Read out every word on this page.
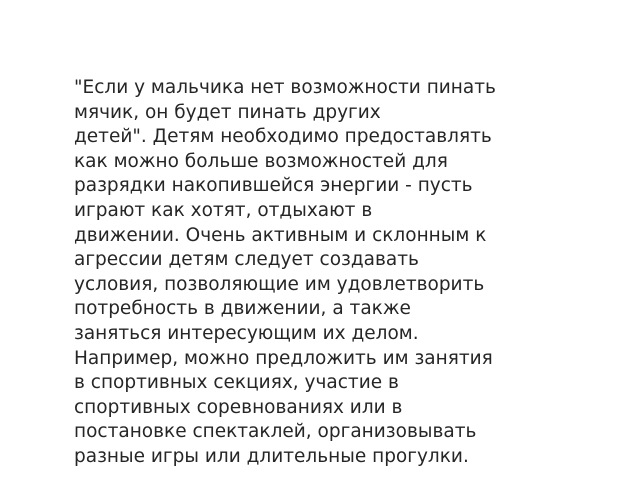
"Если у мальчика нет возможности пинать
мячик, он будет пинать других
детей". Детям необходимо предоставлять
как можно больше возможностей для
разрядки накопившейся энергии - пусть
играют как хотят, отдыхают в
движении. Очень активным и склонным к
агрессии детям следует создавать
условия, позволяющие им удовлетворить
потребность в движении, а также
заняться интересующим их делом.
Например, можно предложить им занятия
в спортивных секциях, участие в
спортивных соревнованиях или в
постановке спектаклей, организовывать
разные игры или длительные прогулки.
